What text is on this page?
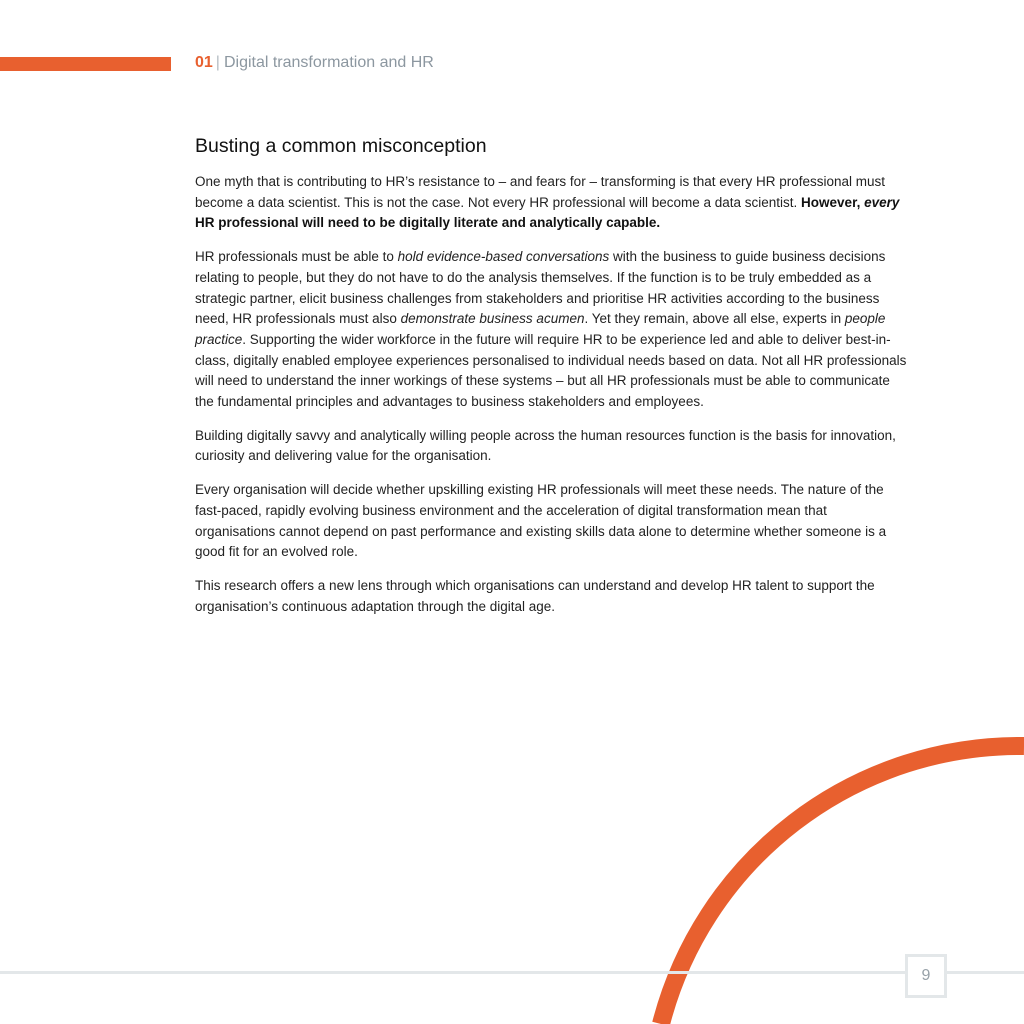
01 | Digital transformation and HR
Busting a common misconception

One myth that is contributing to HR’s resistance to – and fears for – transforming is that every HR professional must become a data scientist. This is not the case. Not every HR professional will become a data scientist. However, every HR professional will need to be digitally literate and analytically capable.

HR professionals must be able to hold evidence-based conversations with the business to guide business decisions relating to people, but they do not have to do the analysis themselves. If the function is to be truly embedded as a strategic partner, elicit business challenges from stakeholders and prioritise HR activities according to the business need, HR professionals must also demonstrate business acumen. Yet they remain, above all else, experts in people practice. Supporting the wider workforce in the future will require HR to be experience led and able to deliver best-in-class, digitally enabled employee experiences personalised to individual needs based on data. Not all HR professionals will need to understand the inner workings of these systems – but all HR professionals must be able to communicate the fundamental principles and advantages to business stakeholders and employees.

Building digitally savvy and analytically willing people across the human resources function is the basis for innovation, curiosity and delivering value for the organisation.

Every organisation will decide whether upskilling existing HR professionals will meet these needs. The nature of the fast-paced, rapidly evolving business environment and the acceleration of digital transformation mean that organisations cannot depend on past performance and existing skills data alone to determine whether someone is a good fit for an evolved role.

This research offers a new lens through which organisations can understand and develop HR talent to support the organisation’s continuous adaptation through the digital age.

9
